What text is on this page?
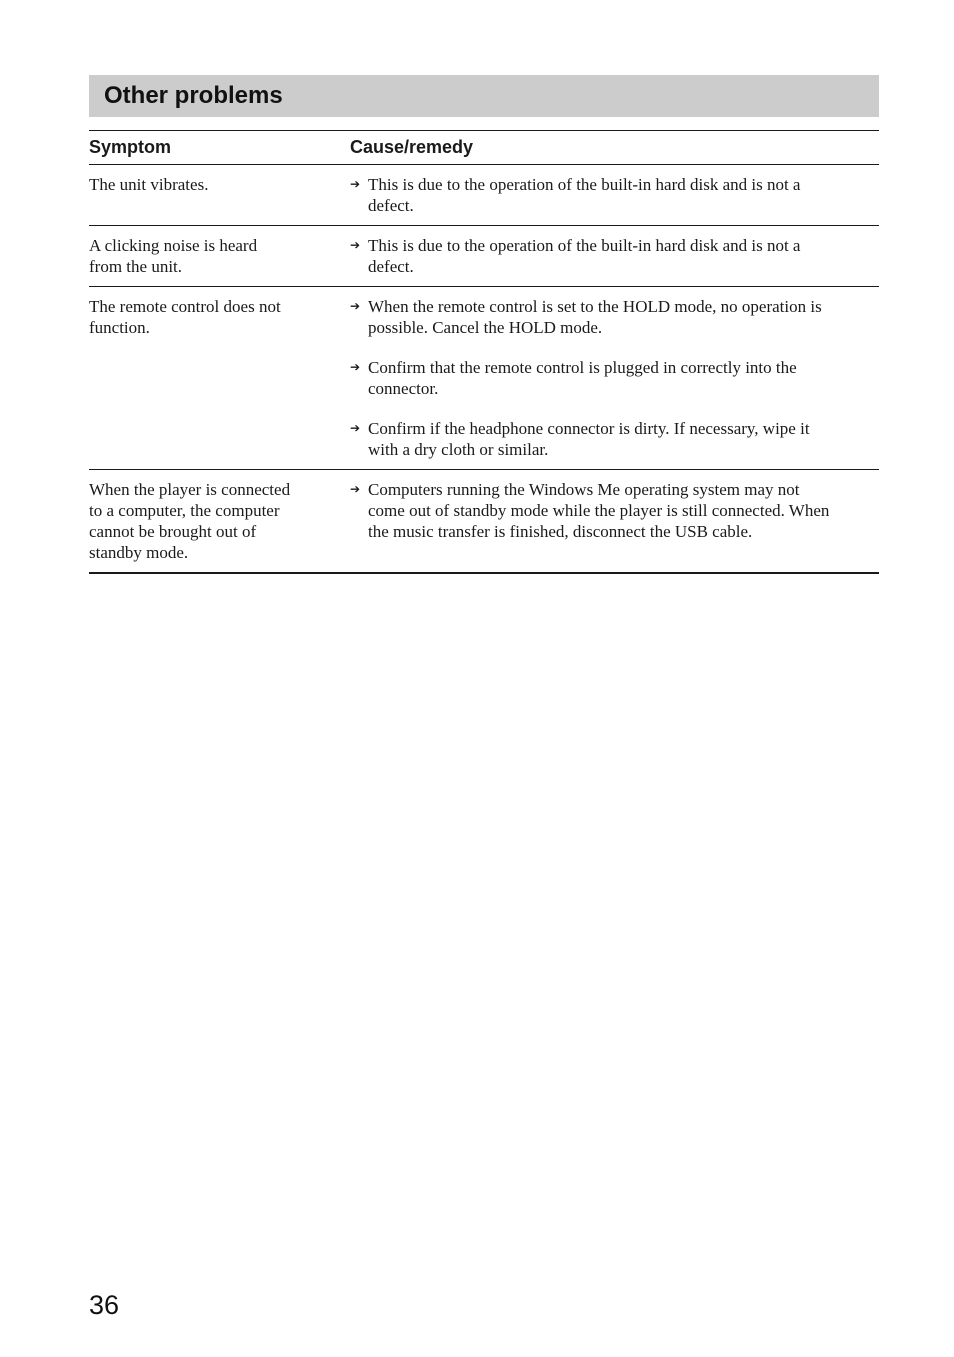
Other problems
Symptom	Cause/remedy
The unit vibrates.	➔ This is due to the operation of the built-in hard disk and is not a
defect.
A clicking noise is heard
from the unit.
➔ This is due to the operation of the built-in hard disk and is not a
defect.
The remote control does not
function.
➔ When the remote control is set to the HOLD mode, no operation is
possible. Cancel the HOLD mode.
➔ Confirm that the remote control is plugged in correctly into the
connector.
➔ Confirm if the headphone connector is dirty. If necessary, wipe it
with a dry cloth or similar.
When the player is connected
to a computer, the computer
cannot be brought out of
standby mode.
➔ Computers running the Windows Me operating system may not
come out of standby mode while the player is still connected. When
the music transfer is finished, disconnect the USB cable.
36
